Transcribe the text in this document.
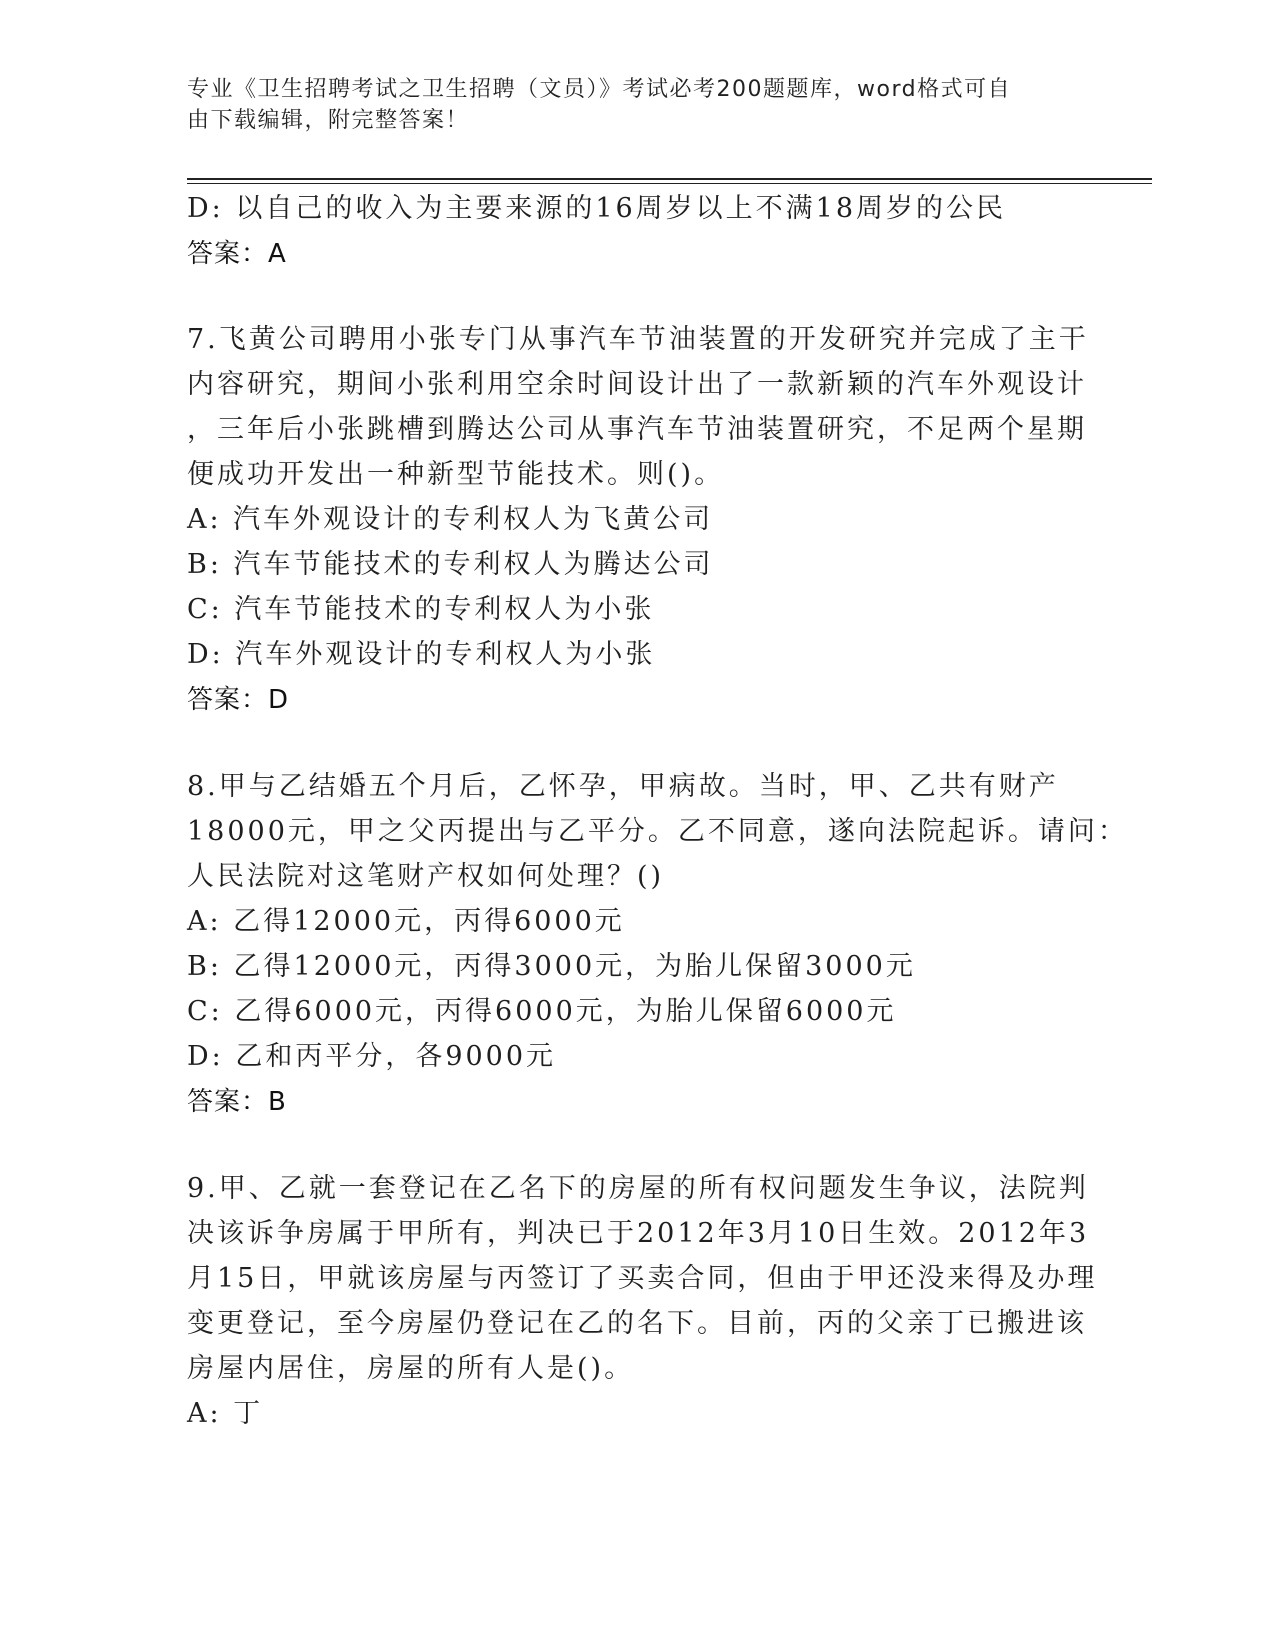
专业《卫生招聘考试之卫生招聘（文员）》考试必考200题题库，word格式可自
由下载编辑，附完整答案！
D: 以自己的收入为主要来源的16周岁以上不满18周岁的公民
答案：A
7.飞黄公司聘用小张专门从事汽车节油装置的开发研究并完成了主干
内容研究，期间小张利用空余时间设计出了一款新颖的汽车外观设计
，三年后小张跳槽到腾达公司从事汽车节油装置研究，不足两个星期
便成功开发出一种新型节能技术。则()。
A: 汽车外观设计的专利权人为飞黄公司
B: 汽车节能技术的专利权人为腾达公司
C: 汽车节能技术的专利权人为小张
D: 汽车外观设计的专利权人为小张
答案：D
8.甲与乙结婚五个月后，乙怀孕，甲病故。当时，甲、乙共有财产
18000元，甲之父丙提出与乙平分。乙不同意，遂向法院起诉。请问：
人民法院对这笔财产权如何处理？()
A: 乙得12000元，丙得6000元
B: 乙得12000元，丙得3000元，为胎儿保留3000元
C: 乙得6000元，丙得6000元，为胎儿保留6000元
D: 乙和丙平分，各9000元
答案：B
9.甲、乙就一套登记在乙名下的房屋的所有权问题发生争议，法院判
决该诉争房属于甲所有，判决已于2012年3月10日生效。2012年3
月15日，甲就该房屋与丙签订了买卖合同，但由于甲还没来得及办理
变更登记，至今房屋仍登记在乙的名下。目前，丙的父亲丁已搬进该
房屋内居住，房屋的所有人是()。
A: 丁
